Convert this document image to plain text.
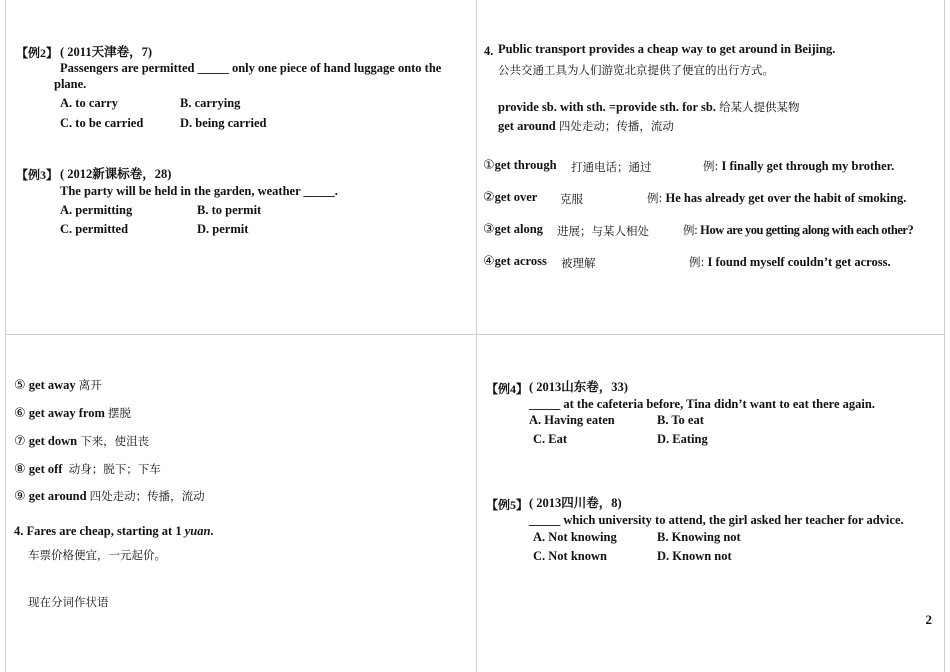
【例2】 ( 2011天津卷，7)
Passengers are permitted _____ only one piece of hand luggage onto the
plane.
A. to carry	B. carrying
C. to be carried	D. being carried
【例3】 ( 2012新课标卷，28)
The party will be held in the garden, weather _____.
A. permitting	B. to permit
C. permitted	D. permit
4. Public transport provides a cheap way to get around in Beijing.
公共交通工具为人们游览北京提供了便宜的出行方式。
provide sb. with sth. =provide sth. for sb. 给某人提供某物
get around 四处走动；传播，流动
①get through 打通电话；通过	例: I finally get through my brother.
②get over 克服	例: He has already get over the habit of smoking.
③get along 进展；与某人相处	例: How are you getting along with each other?
④get across 被理解	例: I found myself couldn’t get across.
⑤ get away 离开
⑥ get away from 摆脱
⑦ get down 下来，使沮丧
⑧ get off 动身；脱下；下车
⑨ get around 四处走动；传播，流动
4. Fares are cheap, starting at 1 yuan.
车票价格便宜，一元起价。
现在分词作状语
【例4】 ( 2013山东卷，33)
_____ at the cafeteria before, Tina didn’t want to eat there again.
A. Having eaten	B. To eat
C. Eat	D. Eating
【例5】 ( 2013四川卷，8)
_____ which university to attend, the girl asked her teacher for advice.
A. Not knowing	B. Knowing not
C. Not known	D. Known not
2
